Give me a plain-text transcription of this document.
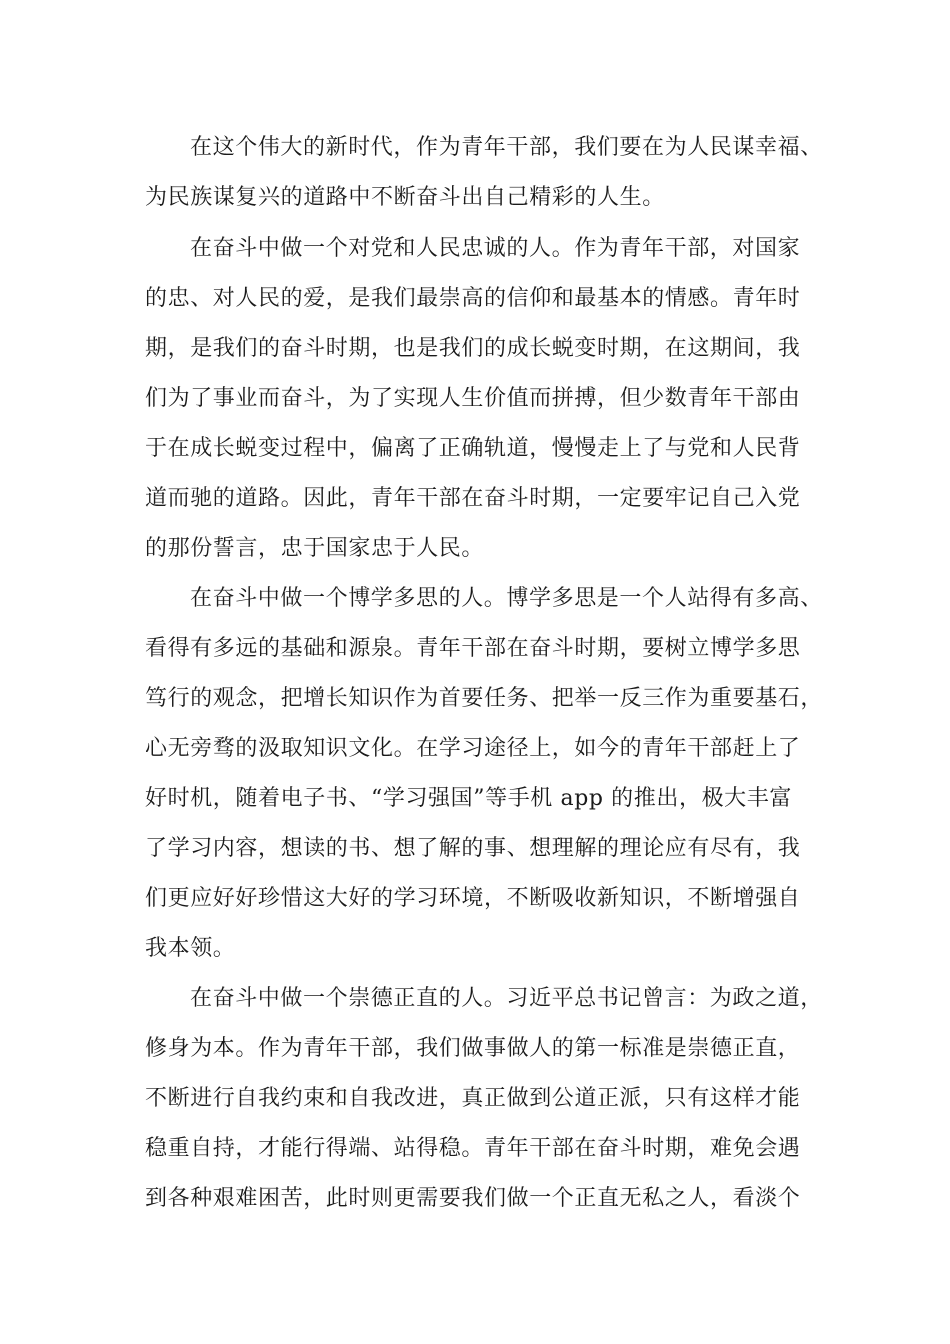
在这个伟大的新时代，作为青年干部，我们要在为人民谋幸福、
为民族谋复兴的道路中不断奋斗出自己精彩的人生。
在奋斗中做一个对党和人民忠诚的人。作为青年干部，对国家
的忠、对人民的爱，是我们最崇高的信仰和最基本的情感。青年时
期，是我们的奋斗时期，也是我们的成长蜕变时期，在这期间，我
们为了事业而奋斗，为了实现人生价值而拼搏，但少数青年干部由
于在成长蜕变过程中，偏离了正确轨道，慢慢走上了与党和人民背
道而驰的道路。因此，青年干部在奋斗时期，一定要牢记自己入党
的那份誓言，忠于国家忠于人民。
在奋斗中做一个博学多思的人。博学多思是一个人站得有多高、
看得有多远的基础和源泉。青年干部在奋斗时期，要树立博学多思
笃行的观念，把增长知识作为首要任务、把举一反三作为重要基石，
心无旁骛的汲取知识文化。在学习途径上，如今的青年干部赶上了
好时机，随着电子书、“学习强国”等手机 app 的推出，极大丰富
了学习内容，想读的书、想了解的事、想理解的理论应有尽有，我
们更应好好珍惜这大好的学习环境，不断吸收新知识，不断增强自
我本领。
在奋斗中做一个崇德正直的人。习近平总书记曾言：为政之道，
修身为本。作为青年干部，我们做事做人的第一标准是崇德正直，
不断进行自我约束和自我改进，真正做到公道正派，只有这样才能
稳重自持，才能行得端、站得稳。青年干部在奋斗时期，难免会遇
到各种艰难困苦，此时则更需要我们做一个正直无私之人，看淡个
